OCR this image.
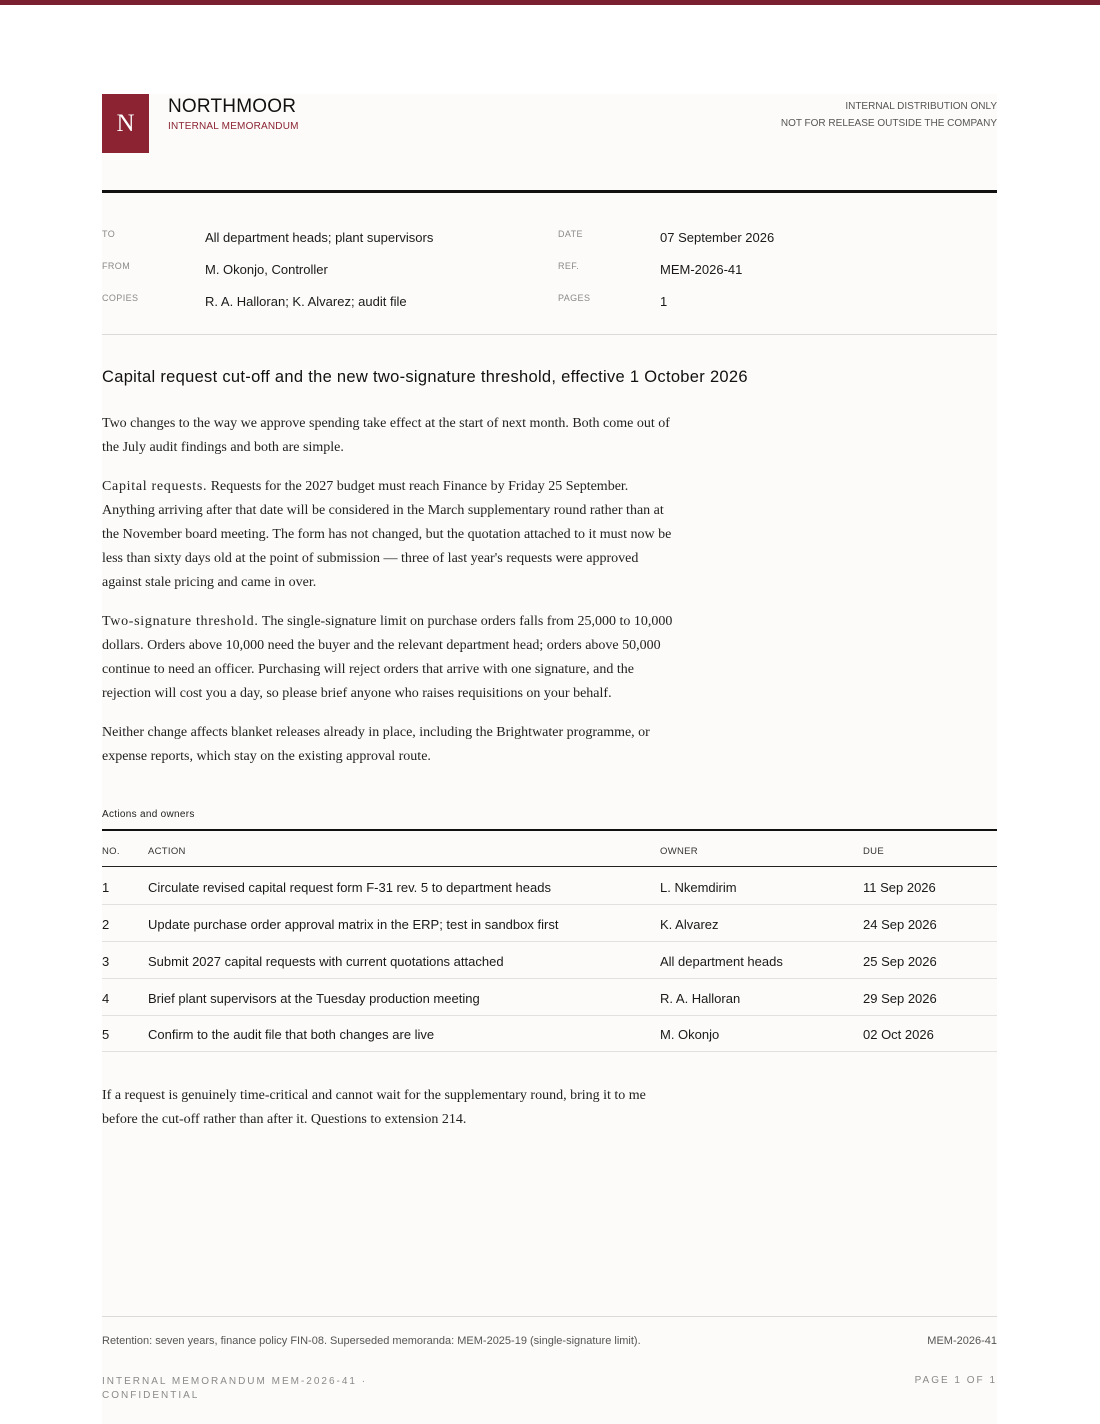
N
NORTHMOOR
INTERNAL MEMORANDUM
INTERNAL DISTRIBUTION ONLY
NOT FOR RELEASE OUTSIDE THE COMPANY
TO	All department heads; plant supervisors
FROM	M. Okonjo, Controller
COPIES	R. A. Halloran; K. Alvarez; audit file
DATE	07 September 2026
REF.	MEM-2026-41
PAGES	1
Capital request cut-off and the new two-signature threshold, effective 1 October 2026

Two changes to the way we approve spending take effect at the start of next month. Both come out of the July audit findings and both are simple.

Capital requests. Requests for the 2027 budget must reach Finance by Friday 25 September. Anything arriving after that date will be considered in the March supplementary round rather than at the November board meeting. The form has not changed, but the quotation attached to it must now be less than sixty days old at the point of submission — three of last year's requests were approved against stale pricing and came in over.

Two-signature threshold. The single-signature limit on purchase orders falls from 25,000 to 10,000 dollars. Orders above 10,000 need the buyer and the relevant department head; orders above 50,000 continue to need an officer. Purchasing will reject orders that arrive with one signature, and the rejection will cost you a day, so please brief anyone who raises requisitions on your behalf.

Neither change affects blanket releases already in place, including the Brightwater programme, or expense reports, which stay on the existing approval route.

Actions and owners
NO.	ACTION	OWNER	DUE
1	Circulate revised capital request form F-31 rev. 5 to department heads	L. Nkemdirim	11 Sep 2026
2	Update purchase order approval matrix in the ERP; test in sandbox first	K. Alvarez	24 Sep 2026
3	Submit 2027 capital requests with current quotations attached	All department heads	25 Sep 2026
4	Brief plant supervisors at the Tuesday production meeting	R. A. Halloran	29 Sep 2026
5	Confirm to the audit file that both changes are live	M. Okonjo	02 Oct 2026
If a request is genuinely time-critical and cannot wait for the supplementary round, bring it to me before the cut-off rather than after it. Questions to extension 214.
Retention: seven years, finance policy FIN-08. Superseded memoranda: MEM-2025-19 (single-signature limit).	MEM-2026-41
INTERNAL MEMORANDUM MEM-2026-41 · CONFIDENTIAL
PAGE 1 OF 1
